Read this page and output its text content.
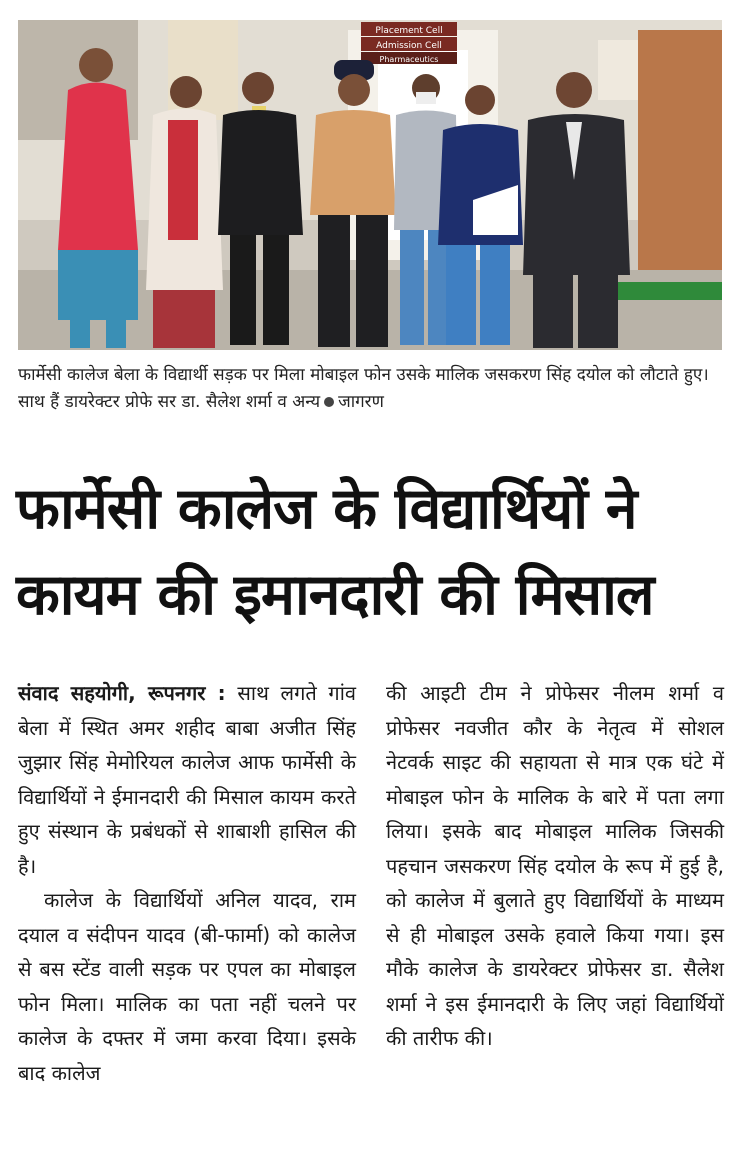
Placement Cell
Admission Cell
Pharmaceutics
फार्मेसी कालेज बेला के विद्यार्थी सड़क पर मिला मोबाइल फोन उसके मालिक जसकरण सिंह दयोल को लौटाते हुए। साथ हैं डायरेक्टर प्रोफे सर डा. सैलेश शर्मा व अन्य जागरण
फार्मेसी कालेज के विद्यार्थियों ने
कायम की इमानदारी की मिसाल

संवाद सहयोगी, रूपनगर : साथ लगते गांव बेला में स्थित अमर शहीद बाबा अजीत सिंह जुझार सिंह मेमोरियल कालेज आफ फार्मेसी के विद्यार्थियों ने ईमानदारी की मिसाल कायम करते हुए संस्थान के प्रबंधकों से शाबाशी हासिल की है।

कालेज के विद्यार्थियों अनिल यादव, राम दयाल व संदीपन यादव (बी-फार्मा) को कालेज से बस स्टेंड वाली सड़क पर एपल का मोबाइल फोन मिला। मालिक का पता नहीं चलने पर कालेज के दफ्तर में जमा करवा दिया। इसके बाद कालेज

की आइटी टीम ने प्रोफेसर नीलम शर्मा व प्रोफेसर नवजीत कौर के नेतृत्व में सोशल नेटवर्क साइट की सहायता से मात्र एक घंटे में मोबाइल फोन के मालिक के बारे में पता लगा लिया। इसके बाद मोबाइल मालिक जिसकी पहचान जसकरण सिंह दयोल के रूप में हुई है, को कालेज में बुलाते हुए विद्यार्थियों के माध्यम से ही मोबाइल उसके हवाले किया गया। इस मौके कालेज के डायरेक्टर प्रोफेसर डा. सैलेश शर्मा ने इस ईमानदारी के लिए जहां विद्यार्थियों की तारीफ की।
